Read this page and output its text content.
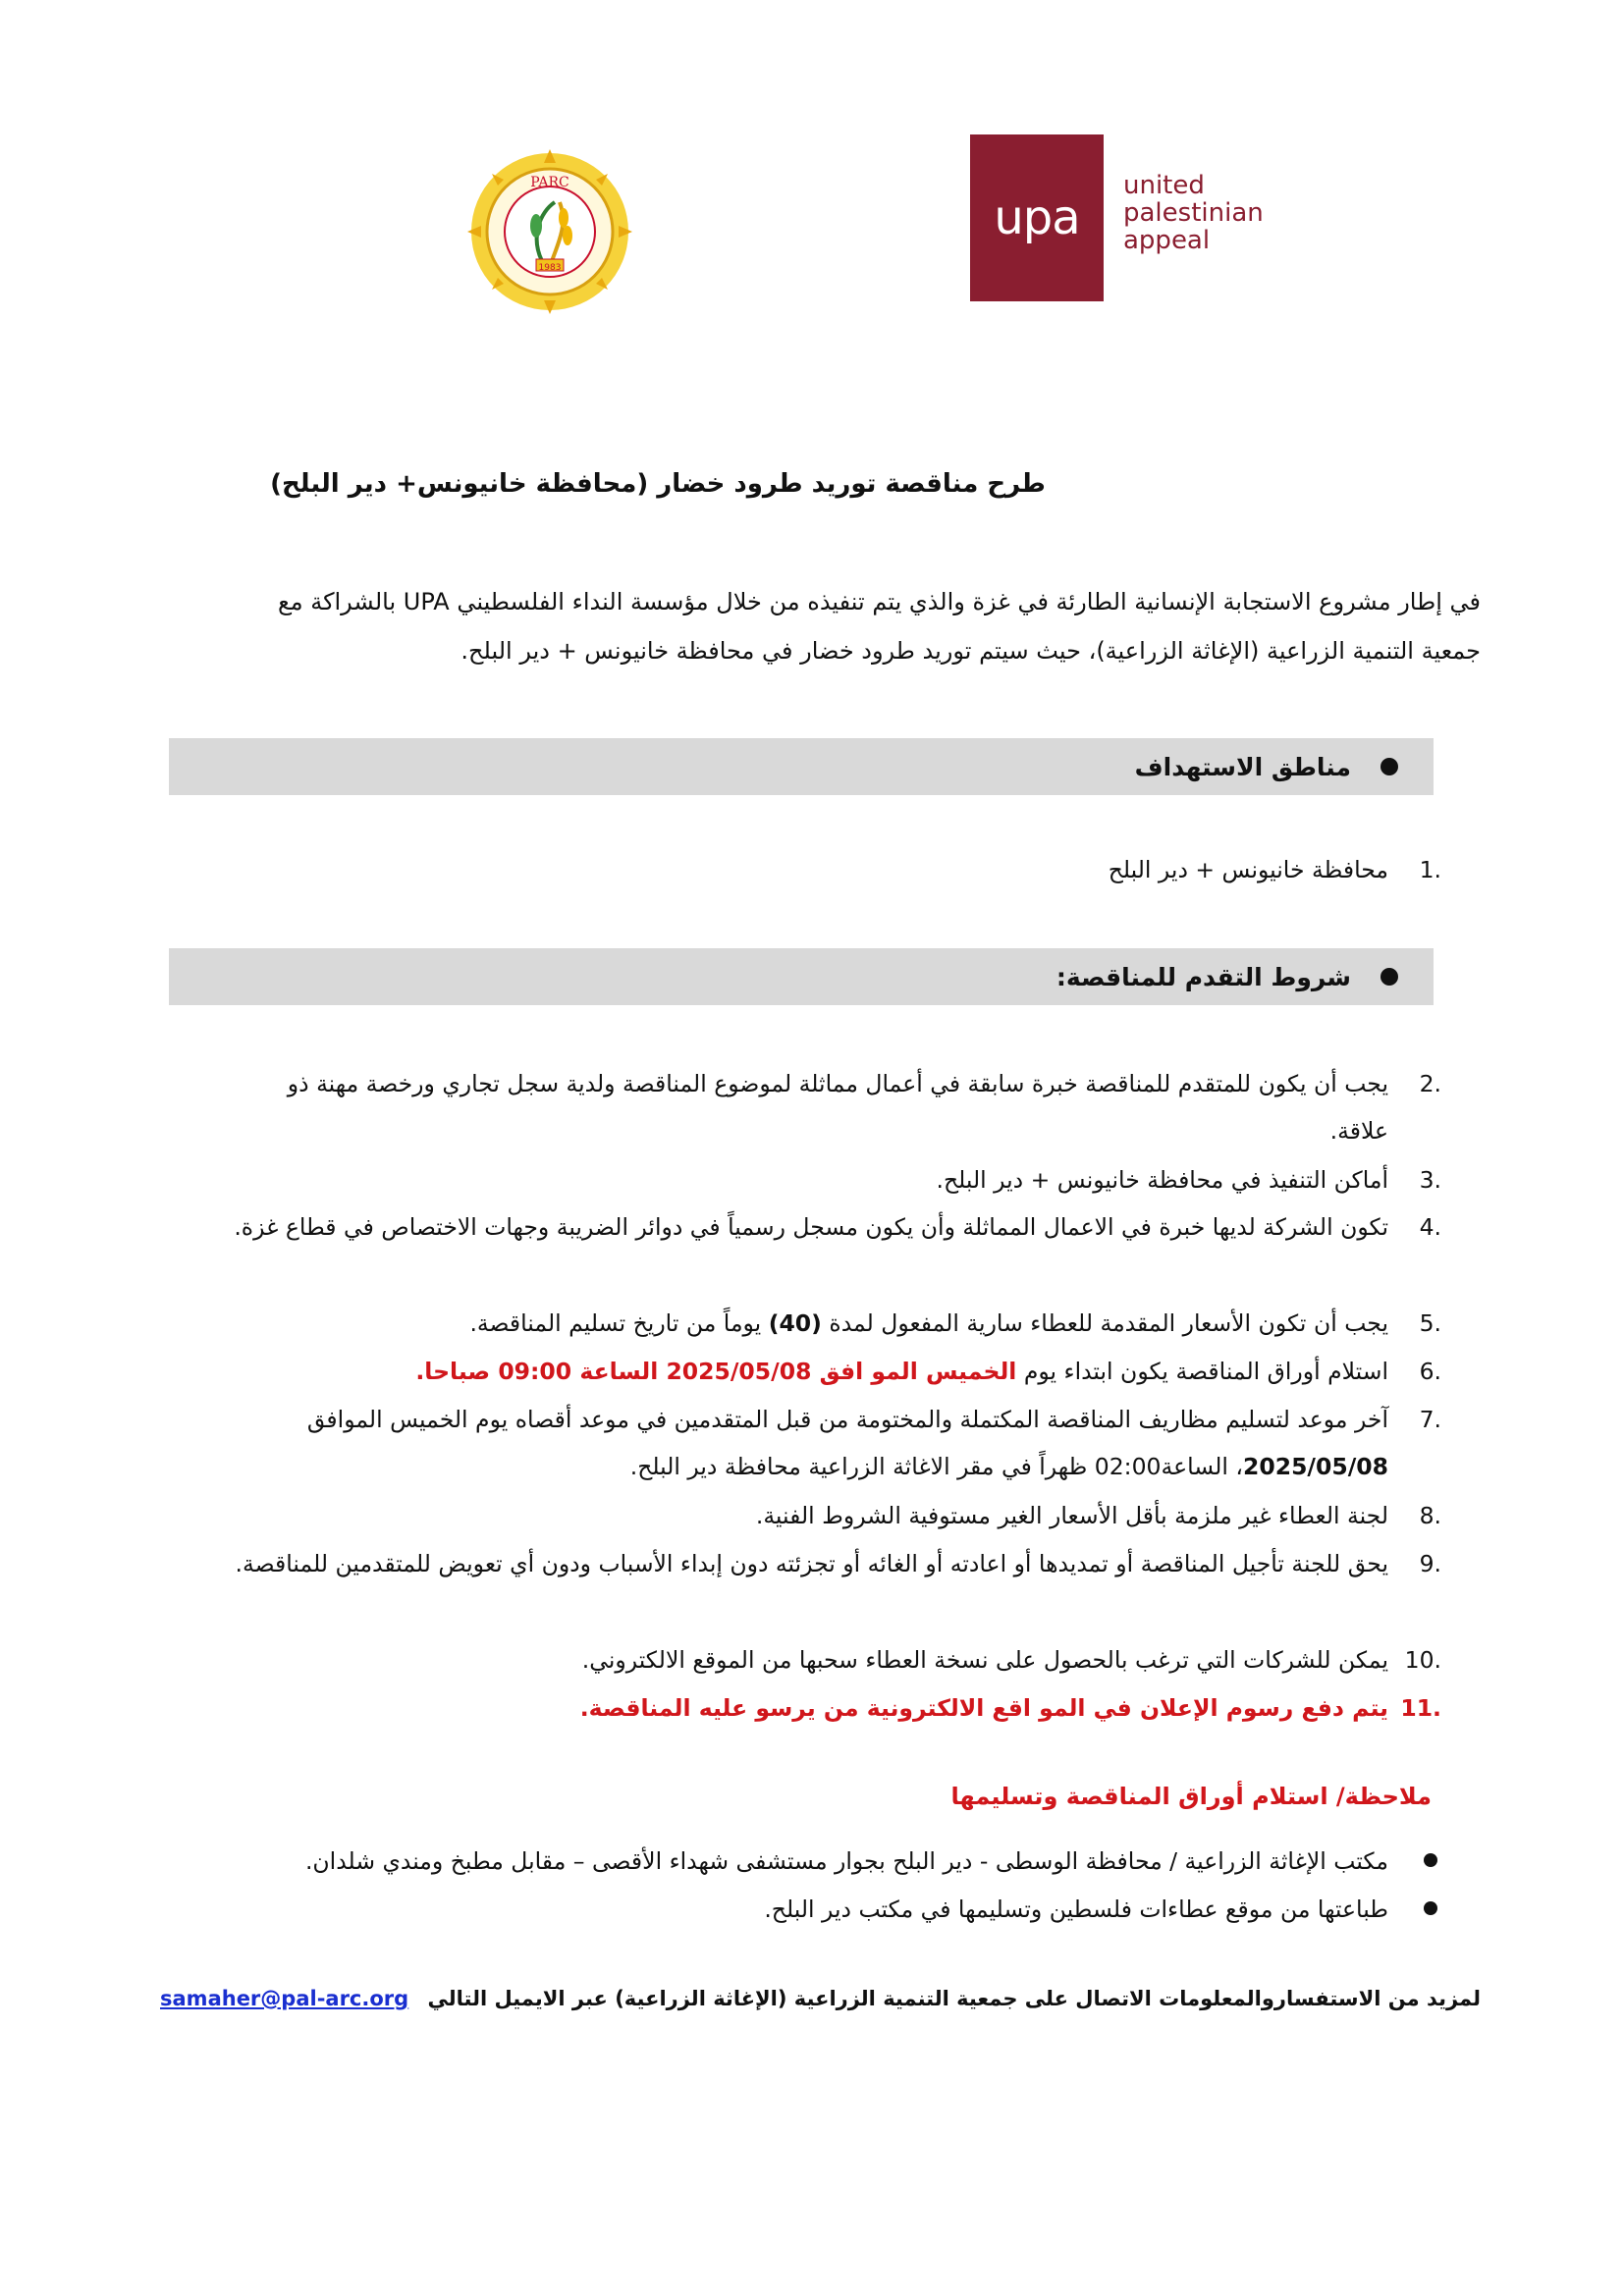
PARC
1983
upa
united
palestinian
appeal
طرح مناقصة توريد طرود خضار (محافظة خانيونس+ دير البلح)
في إطار مشروع الاستجابة الإنسانية الطارئة في غزة والذي يتم تنفيذه من خلال مؤسسة النداء الفلسطيني UPA بالشراكة مع
جمعية التنمية الزراعية (الإغاثة الزراعية)، حيث سيتم توريد طرود خضار في محافظة خانيونس + دير البلح.
مناطق الاستهداف
1.
محافظة خانيونس + دير البلح
شروط التقدم للمناقصة:
2.
يجب أن يكون للمتقدم للمناقصة خبرة سابقة في أعمال مماثلة لموضوع المناقصة ولدية سجل تجاري ورخصة مهنة ذو علاقة.
3.
أماكن التنفيذ في محافظة خانيونس + دير البلح.
4.
تكون الشركة لديها خبرة في الاعمال المماثلة وأن يكون مسجل رسمياً في دوائر الضريبة وجهات الاختصاص في قطاع غزة.
5.
يجب أن تكون الأسعار المقدمة للعطاء سارية المفعول لمدة (40) يوماً من تاريخ تسليم المناقصة.
6.
استلام أوراق المناقصة يكون ابتداء يوم الخميس المو افق 2025/05/08 الساعة 09:00 صباحا.
7.
آخر موعد لتسليم مظاريف المناقصة المكتملة والمختومة من قبل المتقدمين في موعد أقصاه يوم الخميس الموافق 2025/05/08، الساعة02:00 ظهراً في مقر الاغاثة الزراعية محافظة دير البلح.
8.
لجنة العطاء غير ملزمة بأقل الأسعار الغير مستوفية الشروط الفنية.
9.
يحق للجنة تأجيل المناقصة أو تمديدها أو اعادته أو الغائه أو تجزئته دون إبداء الأسباب ودون أي تعويض للمتقدمين للمناقصة.
10.
يمكن للشركات التي ترغب بالحصول على نسخة العطاء سحبها من الموقع الالكتروني.
11.
يتم دفع رسوم الإعلان في المو اقع الالكترونية من يرسو عليه المناقصة.
ملاحظة/ استلام أوراق المناقصة وتسليمها
مكتب الإغاثة الزراعية / محافظة الوسطى - دير البلح بجوار مستشفى شهداء الأقصى – مقابل مطبخ ومندي شلدان.
طباعتها من موقع عطاءات فلسطين وتسليمها في مكتب دير البلح.
لمزيد من الاستفساروالمعلومات الاتصال على جمعية التنمية الزراعية (الإغاثة الزراعية) عبر الايميل التالي samaher@pal-arc.org
